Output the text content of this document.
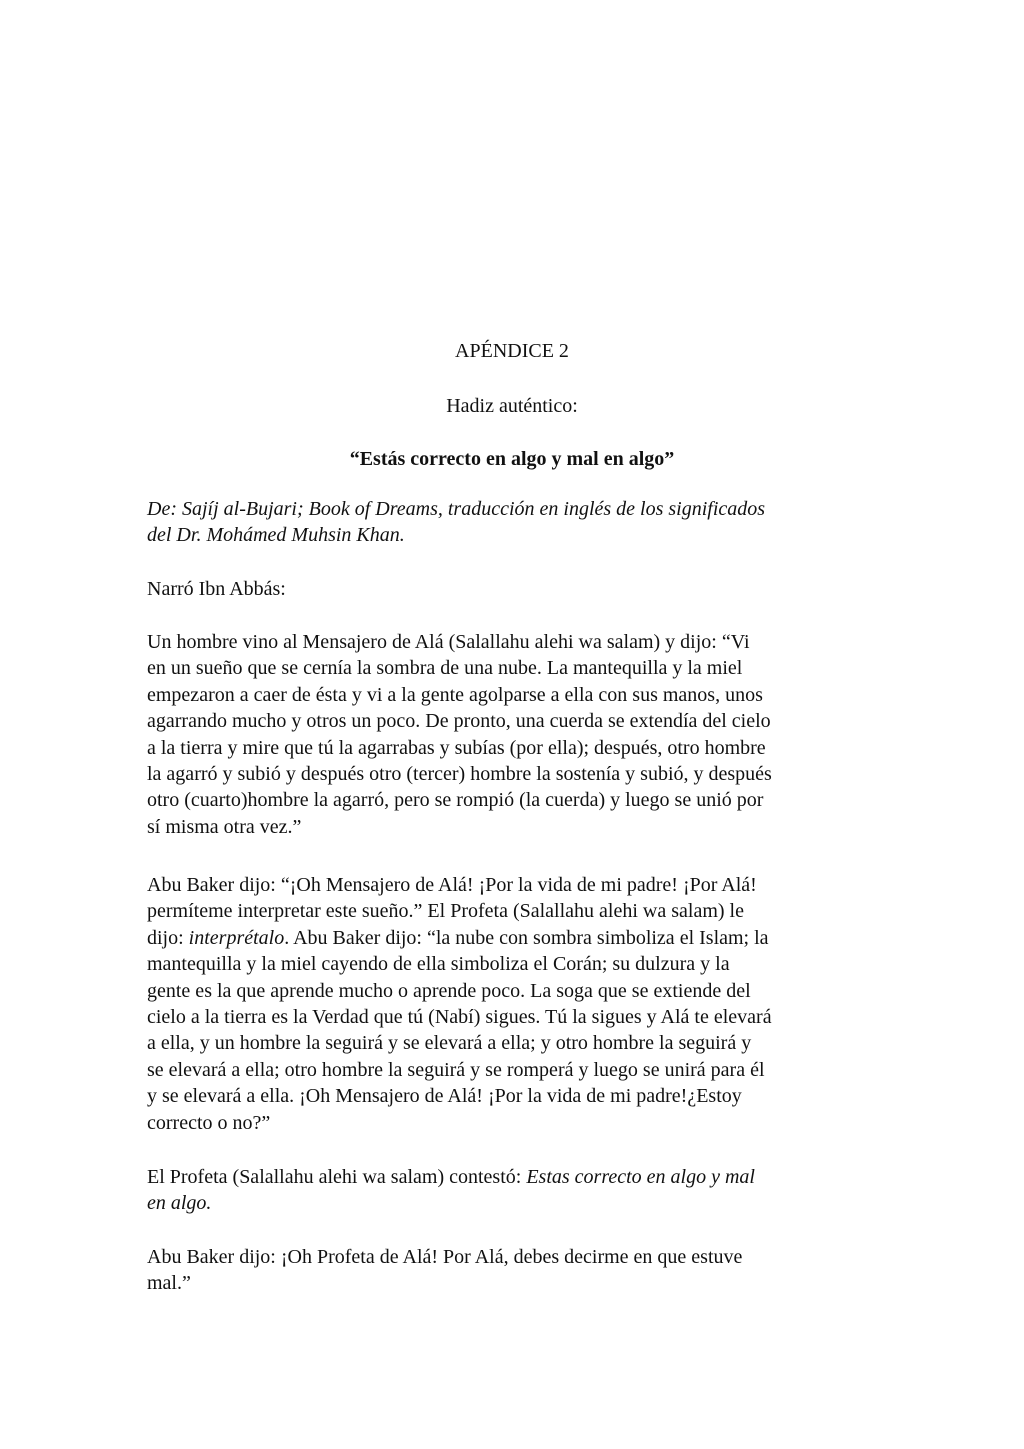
APÉNDICE 2

Hadiz auténtico:

“Estás correcto en algo y mal en algo”

De: Sajíj al-Bujari; Book of Dreams, traducción en inglés de los significados
del Dr. Mohámed Muhsin Khan.

Narró Ibn Abbás:

Un hombre vino al Mensajero de Alá (Salallahu alehi wa salam) y dijo: “Vi
en un sueño que se cernía la sombra de una nube. La mantequilla y la miel
empezaron a caer de ésta y vi a la gente agolparse a ella con sus manos, unos
agarrando mucho y otros un poco. De pronto, una cuerda se extendía del cielo
a la tierra y mire que tú la agarrabas y subías (por ella); después, otro hombre
la agarró y subió y después otro (tercer) hombre la sostenía y subió, y después
otro (cuarto)hombre la agarró, pero se rompió (la cuerda) y luego se unió por
sí misma otra vez.”

Abu Baker dijo: “¡Oh Mensajero de Alá! ¡Por la vida de mi padre! ¡Por Alá!
permíteme interpretar este sueño.” El Profeta (Salallahu alehi wa salam) le
dijo: interprétalo. Abu Baker dijo: “la nube con sombra simboliza el Islam; la
mantequilla y la miel cayendo de ella simboliza el Corán; su dulzura y la
gente es la que aprende mucho o aprende poco. La soga que se extiende del
cielo a la tierra es la Verdad que tú (Nabí) sigues. Tú la sigues y Alá te elevará
a ella, y un hombre la seguirá y se elevará a ella; y otro hombre la seguirá y
se elevará a ella; otro hombre la seguirá y se romperá y luego se unirá para él
y se elevará a ella. ¡Oh Mensajero de Alá! ¡Por la vida de mi padre!¿Estoy
correcto o no?”

El Profeta (Salallahu alehi wa salam) contestó: Estas correcto en algo y mal
en algo.

Abu Baker dijo: ¡Oh Profeta de Alá! Por Alá, debes decirme en que estuve
mal.”
